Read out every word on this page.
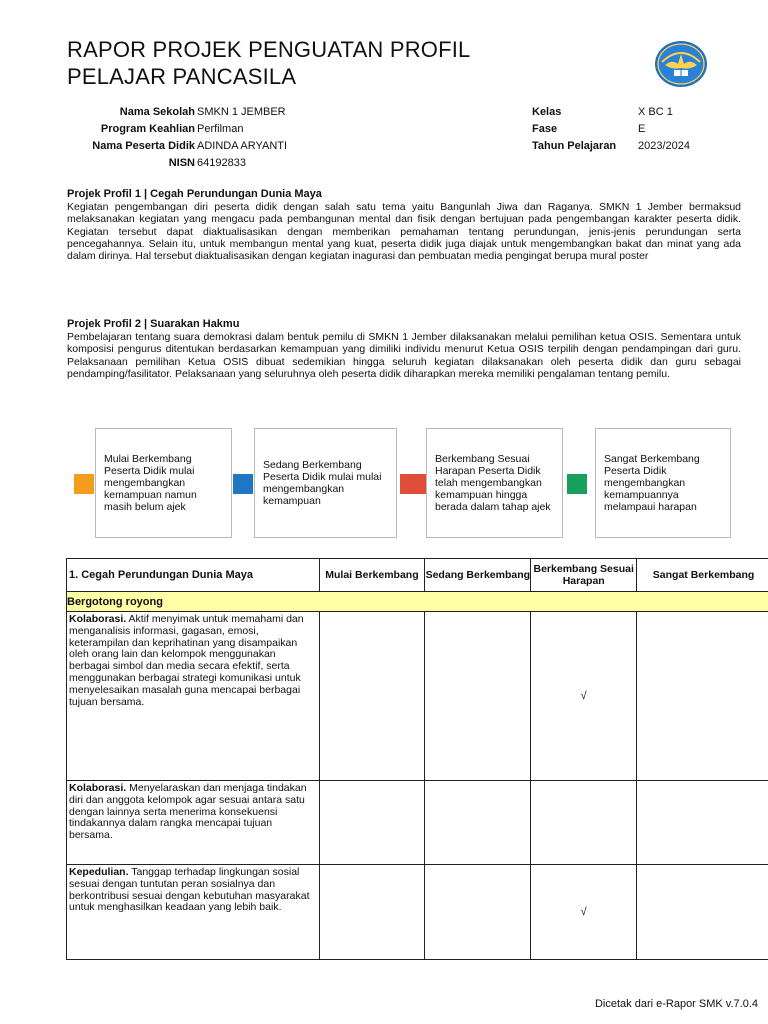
RAPOR PROJEK PENGUATAN PROFIL
PELAJAR PANCASILA
Nama Sekolah SMKN 1 JEMBER
Program Keahlian Perfilman
Nama Peserta Didik ADINDA ARYANTI
NISN 64192833
Kelas	X BC 1
Fase	E
Tahun Pelajaran	2023/2024
Projek Profil 1 | Cegah Perundungan Dunia Maya

Kegiatan pengembangan diri peserta didik dengan salah satu tema yaitu Bangunlah Jiwa dan Raganya. SMKN 1 Jember bermaksud melaksanakan kegiatan yang mengacu pada pembangunan mental dan fisik dengan bertujuan pada pengembangan karakter peserta didik. Kegiatan tersebut dapat diaktualisasikan dengan memberikan pemahaman tentang perundungan, jenis-jenis perundungan serta pencegahannya. Selain itu, untuk membangun mental yang kuat, peserta didik juga diajak untuk mengembangkan bakat dan minat yang ada dalam dirinya. Hal tersebut diaktualisasikan dengan kegiatan inagurasi dan pembuatan media pengingat berupa mural poster

Projek Profil 2 | Suarakan Hakmu

Pembelajaran tentang suara demokrasi dalam bentuk pemilu di SMKN 1 Jember dilaksanakan melalui pemilihan ketua OSIS. Sementara untuk komposisi pengurus ditentukan berdasarkan kemampuan yang dimiliki individu menurut Ketua OSIS terpilih dengan pendampingan dari guru. Pelaksanaan pemilihan Ketua OSIS dibuat sedemikian hingga seluruh kegiatan dilaksanakan oleh peserta didik dan guru sebagai pendamping/fasilitator. Pelaksanaan yang seluruhnya oleh peserta didik diharapkan mereka memiliki pengalaman tentang pemilu.

Mulai Berkembang Peserta Didik mulai mengembangkan kemampuan namun masih belum ajek
Sedang Berkembang Peserta Didik mulai mulai mengembangkan kemampuan
Berkembang Sesuai Harapan Peserta Didik telah mengembangkan kemampuan hingga berada dalam tahap ajek
Sangat Berkembang Peserta Didik mengembangkan kemampuannya melampaui harapan
1. Cegah Perundungan Dunia Maya	Mulai Berkembang	Sedang Berkembang	Berkembang Sesuai Harapan	Sangat Berkembang
Bergotong royong				
Kolaborasi. Aktif menyimak untuk memahami dan menganalisis informasi, gagasan, emosi, keterampilan dan keprihatinan yang disampaikan oleh orang lain dan kelompok menggunakan berbagai simbol dan media secara efektif, serta menggunakan berbagai strategi komunikasi untuk menyelesaikan masalah guna mencapai berbagai tujuan bersama.			√	
Kolaborasi. Menyelaraskan dan menjaga tindakan diri dan anggota kelompok agar sesuai antara satu dengan lainnya serta menerima konsekuensi tindakannya dalam rangka mencapai tujuan bersama.				
Kepedulian. Tanggap terhadap lingkungan sosial sesuai dengan tuntutan peran sosialnya dan berkontribusi sesuai dengan kebutuhan masyarakat untuk menghasilkan keadaan yang lebih baik.			√	
Dicetak dari e-Rapor SMK v.7.0.4
